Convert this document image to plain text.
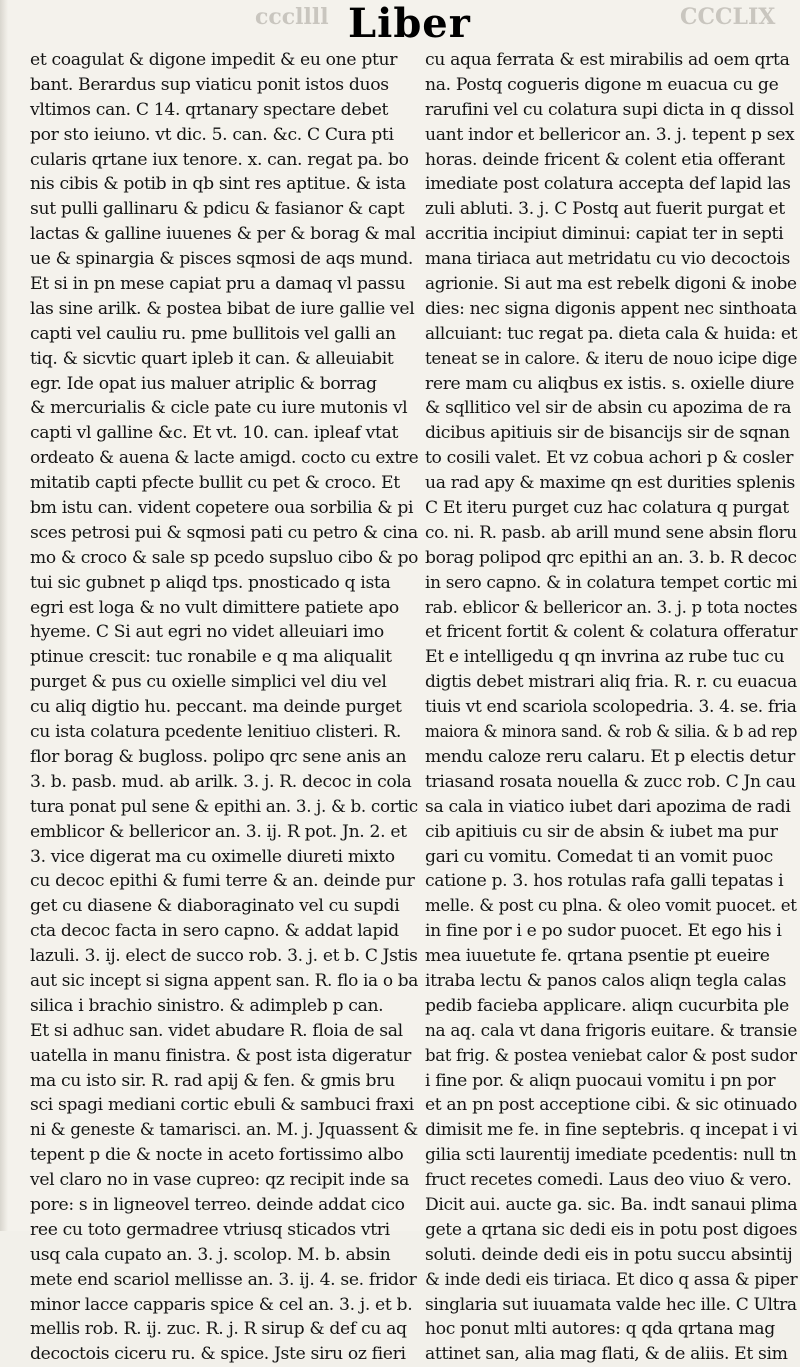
cccllll Liber	CCCLIX
et coagulat & digone impedit & eu one ptur
bant. Berardus sup viaticu ponit istos duos
vltimos can. C 14. qrtanary spectare debet
por sto ieiuno. vt dic. 5. can. &c. C Cura pti
cularis qrtane iux tenore. x. can. regat pa. bo
nis cibis & potib in qb sint res aptitue. & ista
sut pulli gallinaru & pdicu & fasianor & capt
lactas & galline iuuenes & per & borag & mal
ue & spinargia & pisces sqmosi de aqs mund.
Et si in pn mese capiat pru a damaq vl passu
las sine arilk. & postea bibat de iure gallie vel
capti vel cauliu ru. pme bullitois vel galli an
tiq. & sicvtic quart ipleb it can. & alleuiabit
egr. Ide opat ius maluer atriplic & borrag
& mercurialis & cicle pate cu iure mutonis vl
capti vl galline &c. Et vt. 10. can. ipleaf vtat
ordeato & auena & lacte amigd. cocto cu extre
mitatib capti pfecte bullit cu pet & croco. Et
bm istu can. vident copetere oua sorbilia & pi
sces petrosi pui & sqmosi pati cu petro & cina
mo & croco & sale sp pcedo supsluo cibo & po
tui sic gubnet p aliqd tps. pnosticado q ista
egri est loga & no vult dimittere patiete apo
hyeme. C Si aut egri no videt alleuiari imo
ptinue crescit: tuc ronabile e q ma aliqualit
purget & pus cu oxielle simplici vel diu vel
cu aliq digtio hu. peccant. ma deinde purget
cu ista colatura pcedente lenitiuo clisteri. R.
flor borag & bugloss. polipo qrc sene anis an
3. b. pasb. mud. ab arilk. 3. j. R. decoc in cola
tura ponat pul sene & epithi an. 3. j. & b. cortic
emblicor & bellericor an. 3. ij. R pot. Jn. 2. et
3. vice digerat ma cu oximelle diureti mixto
cu decoc epithi & fumi terre & an. deinde pur
get cu diasene & diaboraginato vel cu supdi
cta decoc facta in sero capno. & addat lapid
lazuli. 3. ij. elect de succo rob. 3. j. et b. C Jstis
aut sic incept si signa appent san. R. flo ia o ba
silica i brachio sinistro. & adimpleb p can.
Et si adhuc san. videt abudare R. floia de sal
uatella in manu finistra. & post ista digeratur
ma cu isto sir. R. rad apij & fen. & gmis bru
sci spagi mediani cortic ebuli & sambuci fraxi
ni & geneste & tamarisci. an. M. j. Jquassent &
tepent p die & nocte in aceto fortissimo albo
vel claro no in vase cupreo: qz recipit inde sa
pore: s in ligneovel terreo. deinde addat cico
ree cu toto germadree vtriusq sticados vtri
usq cala cupato an. 3. j. scolop. M. b. absin
mete end scariol mellisse an. 3. ij. 4. se. fridor
minor lacce capparis spice & cel an. 3. j. et b.
mellis rob. R. ij. zuc. R. j. R sirup & def cu aq
decoctois ciceru ru. & spice. Jste siru oz fieri
cu aqua ferrata & est mirabilis ad oem qrta
na. Postq cogueris digone m euacua cu ge
rarufini vel cu colatura supi dicta in q dissol
uant indor et bellericor an. 3. j. tepent p sex
horas. deinde fricent & colent etia offerant
imediate post colatura accepta def lapid las
zuli abluti. 3. j. C Postq aut fuerit purgat et
accritia incipiut diminui: capiat ter in septi
mana tiriaca aut metridatu cu vio decoctois
agrionie. Si aut ma est rebelk digoni & inobe
dies: nec signa digonis appent nec sinthoata
allcuiant: tuc regat pa. dieta cala & huida: et
teneat se in calore. & iteru de nouo icipe dige
rere mam cu aliqbus ex istis. s. oxielle diure
& sqllitico vel sir de absin cu apozima de ra
dicibus apitiuis sir de bisancijs sir de sqnan
to cosili valet. Et vz cobua achori p & cosler
ua rad apy & maxime qn est durities splenis
C Et iteru purget cuz hac colatura q purgat
co. ni. R. pasb. ab arill mund sene absin floru
borag polipod qrc epithi an an. 3. b. R decoc
in sero capno. & in colatura tempet cortic mi
rab. eblicor & bellericor an. 3. j. p tota noctes
et fricent fortit & colent & colatura offeratur
Et e intelligedu q qn invrina az rube tuc cu
digtis debet mistrari aliq fria. R. r. cu euacua
tiuis vt end scariola scolopedria. 3. 4. se. fria
maiora & minora sand. & rob & silia. & b ad rep
mendu caloze reru calaru. Et p electis detur
triasand rosata nouella & zucc rob. C Jn cau
sa cala in viatico iubet dari apozima de radi
cib apitiuis cu sir de absin & iubet ma pur
gari cu vomitu. Comedat ti an vomit puoc
catione p. 3. hos rotulas rafa galli tepatas i
melle. & post cu plna. & oleo vomit puocet. et
in fine por i e po sudor puocet. Et ego his i
mea iuuetute fe. qrtana psentie pt eueire
itraba lectu & panos calos aliqn tegla calas
pedib facieba applicare. aliqn cucurbita ple
na aq. cala vt dana frigoris euitare. & transie
bat frig. & postea veniebat calor & post sudor
i fine por. & aliqn puocaui vomitu i pn por
et an pn post acceptione cibi. & sic otinuado
dimisit me fe. in fine septebris. q incepat i vi
gilia scti laurentij imediate pcedentis: null tn
fruct recetes comedi. Laus deo viuo & vero.
Dicit aui. aucte ga. sic. Ba. indt sanaui plima
gete a qrtana sic dedi eis in potu post digoes
soluti. deinde dedi eis in potu succu absintij
& inde dedi eis tiriaca. Et dico q assa & piper
singlaria sut iuuamata valde hec ille. C Ultra
hoc ponut mlti autores: q qda qrtana mag
attinet san, alia mag flati, & de aliis. Et sim
